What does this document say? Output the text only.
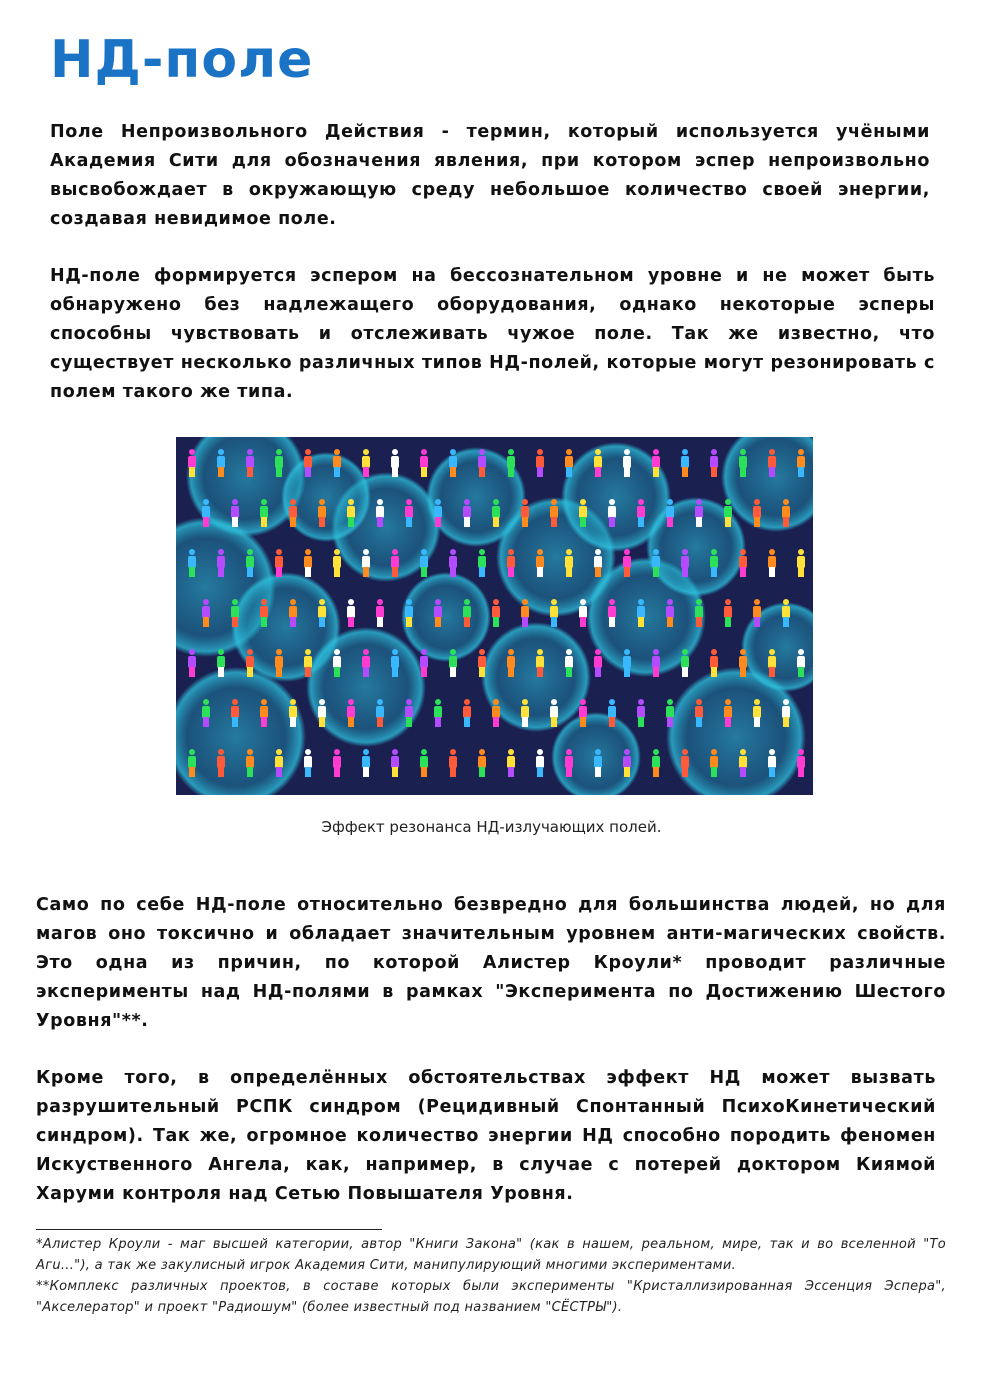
НД-поле

Поле Непроизвольного Действия - термин, который используется учёными Академия Сити для обозначения явления, при котором эспер непроизвольно высвобождает в окружающую среду небольшое количество своей энергии, создавая невидимое поле.

НД-поле формируется эспером на бессознательном уровне и не может быть обнаружено без надлежащего оборудования, однако некоторые эсперы способны чувствовать и отслеживать чужое поле. Так же известно, что существует несколько различных типов НД-полей, которые могут резонировать с полем такого же типа.

Эффект резонанса НД-излучающих полей.

Само по себе НД-поле относительно безвредно для большинства людей, но для магов оно токсично и обладает значительным уровнем анти-магических свойств. Это одна из причин, по которой Алистер Кроули* проводит различные эксперименты над НД-полями в рамках "Эксперимента по Достижению Шестого Уровня"**.

Кроме того, в определённых обстоятельствах эффект НД может вызвать разрушительный РСПК синдром (Рецидивный Спонтанный ПсихоКинетический синдром). Так же, огромное количество энергии НД способно породить феномен Искуственного Ангела, как, например, в случае с потерей доктором Киямой Харуми контроля над Сетью Повышателя Уровня.

*Алистер Кроули - маг высшей категории, автор "Книги Закона" (как в нашем, реальном, мире, так и во вселенной "То Агu..."), а так же закулисный игрок Академия Сити, манипулирующий многими экспериментами.

**Комплекс различных проектов, в составе которых были эксперименты "Кристаллизированная Эссенция Эспера", "Акселератор" и проект "Радиошум" (более известный под названием "СЁСТРЫ").
